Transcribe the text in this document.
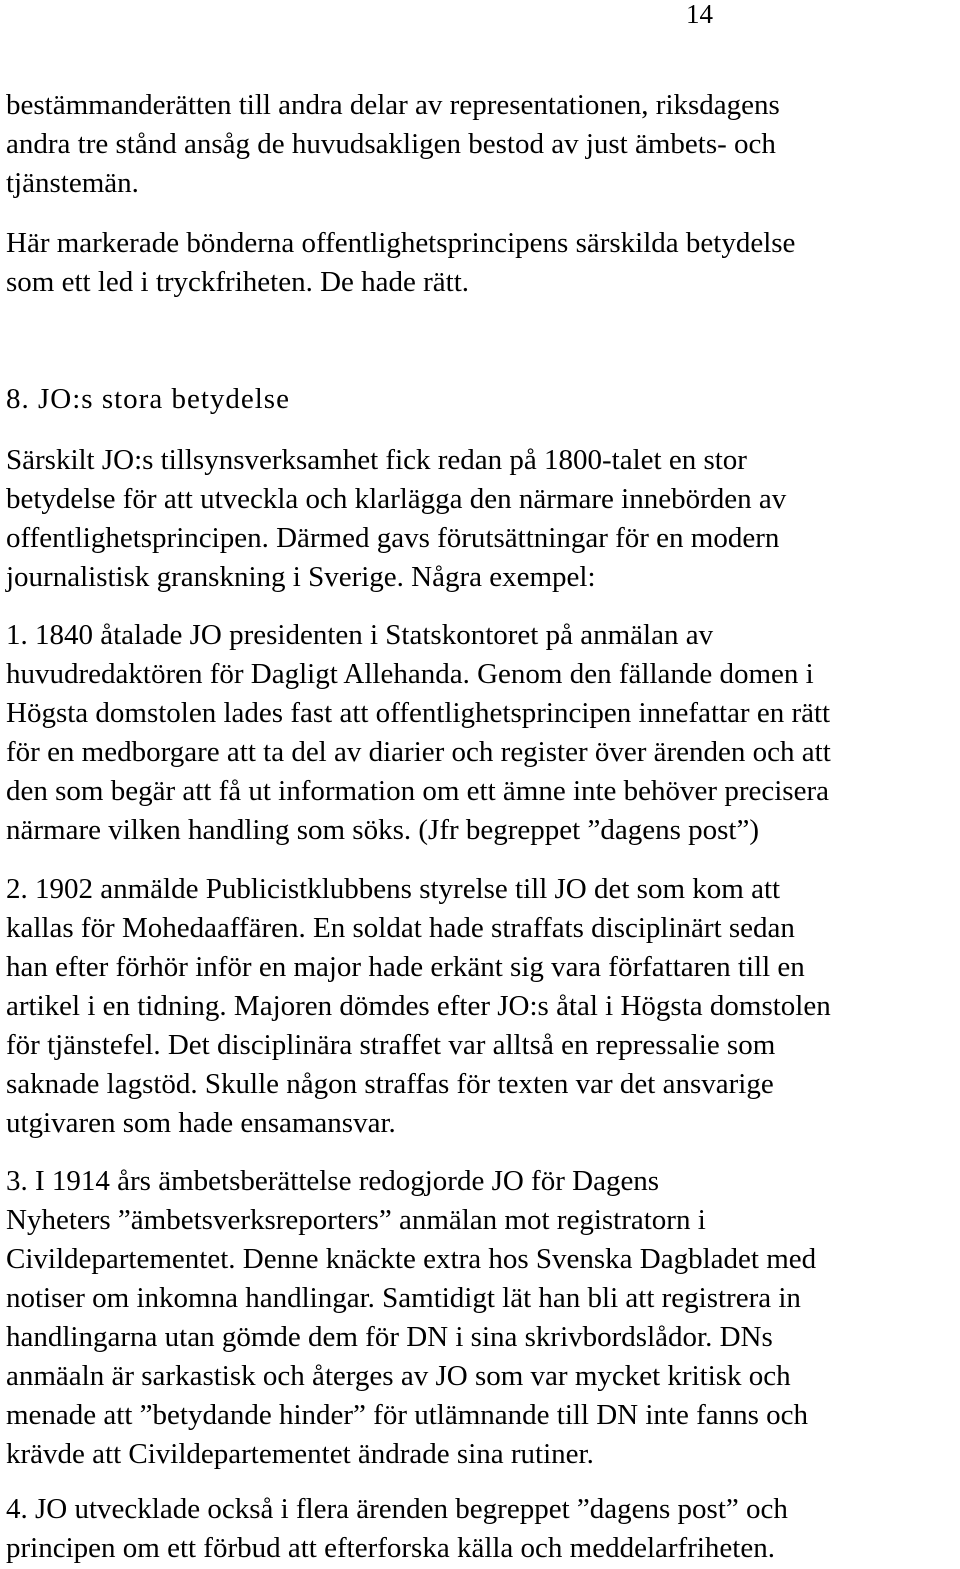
14

bestämmanderätten till andra delar av representationen, riksdagens
andra tre stånd ansåg de huvudsakligen bestod av just ämbets- och
tjänstemän.

Här markerade bönderna offentlighetsprincipens särskilda betydelse
som ett led i tryckfriheten. De hade rätt.

8. JO:s stora betydelse

Särskilt JO:s tillsynsverksamhet fick redan på 1800-talet en stor
betydelse för att utveckla och klarlägga den närmare innebörden av
offentlighetsprincipen. Därmed gavs förutsättningar för en modern
journalistisk granskning i Sverige. Några exempel:

1. 1840 åtalade JO presidenten i Statskontoret på anmälan av
huvudredaktören för Dagligt Allehanda. Genom den fällande domen i
Högsta domstolen lades fast att offentlighetsprincipen innefattar en rätt
för en medborgare att ta del av diarier och register över ärenden och att
den som begär att få ut information om ett ämne inte behöver precisera
närmare vilken handling som söks. (Jfr begreppet ”dagens post”)

2. 1902 anmälde Publicistklubbens styrelse till JO det som kom att
kallas för Mohedaaffären. En soldat hade straffats disciplinärt sedan
han efter förhör inför en major hade erkänt sig vara författaren till en
artikel i en tidning. Majoren dömdes efter JO:s åtal i Högsta domstolen
för tjänstefel. Det disciplinära straffet var alltså en repressalie som
saknade lagstöd. Skulle någon straffas för texten var det ansvarige
utgivaren som hade ensamansvar.

3. I 1914 års ämbetsberättelse redogjorde JO för Dagens
Nyheters ”ämbetsverksreporters” anmälan mot registratorn i
Civildepartementet. Denne knäckte extra hos Svenska Dagbladet med
notiser om inkomna handlingar. Samtidigt lät han bli att registrera in
handlingarna utan gömde dem för DN i sina skrivbordslådor. DNs
anmäaln är sarkastisk och återges av JO som var mycket kritisk och
menade att ”betydande hinder” för utlämnande till DN inte fanns och
krävde att Civildepartementet ändrade sina rutiner.

4. JO utvecklade också i flera ärenden begreppet ”dagens post” och
principen om ett förbud att efterforska källa och meddelarfriheten.
